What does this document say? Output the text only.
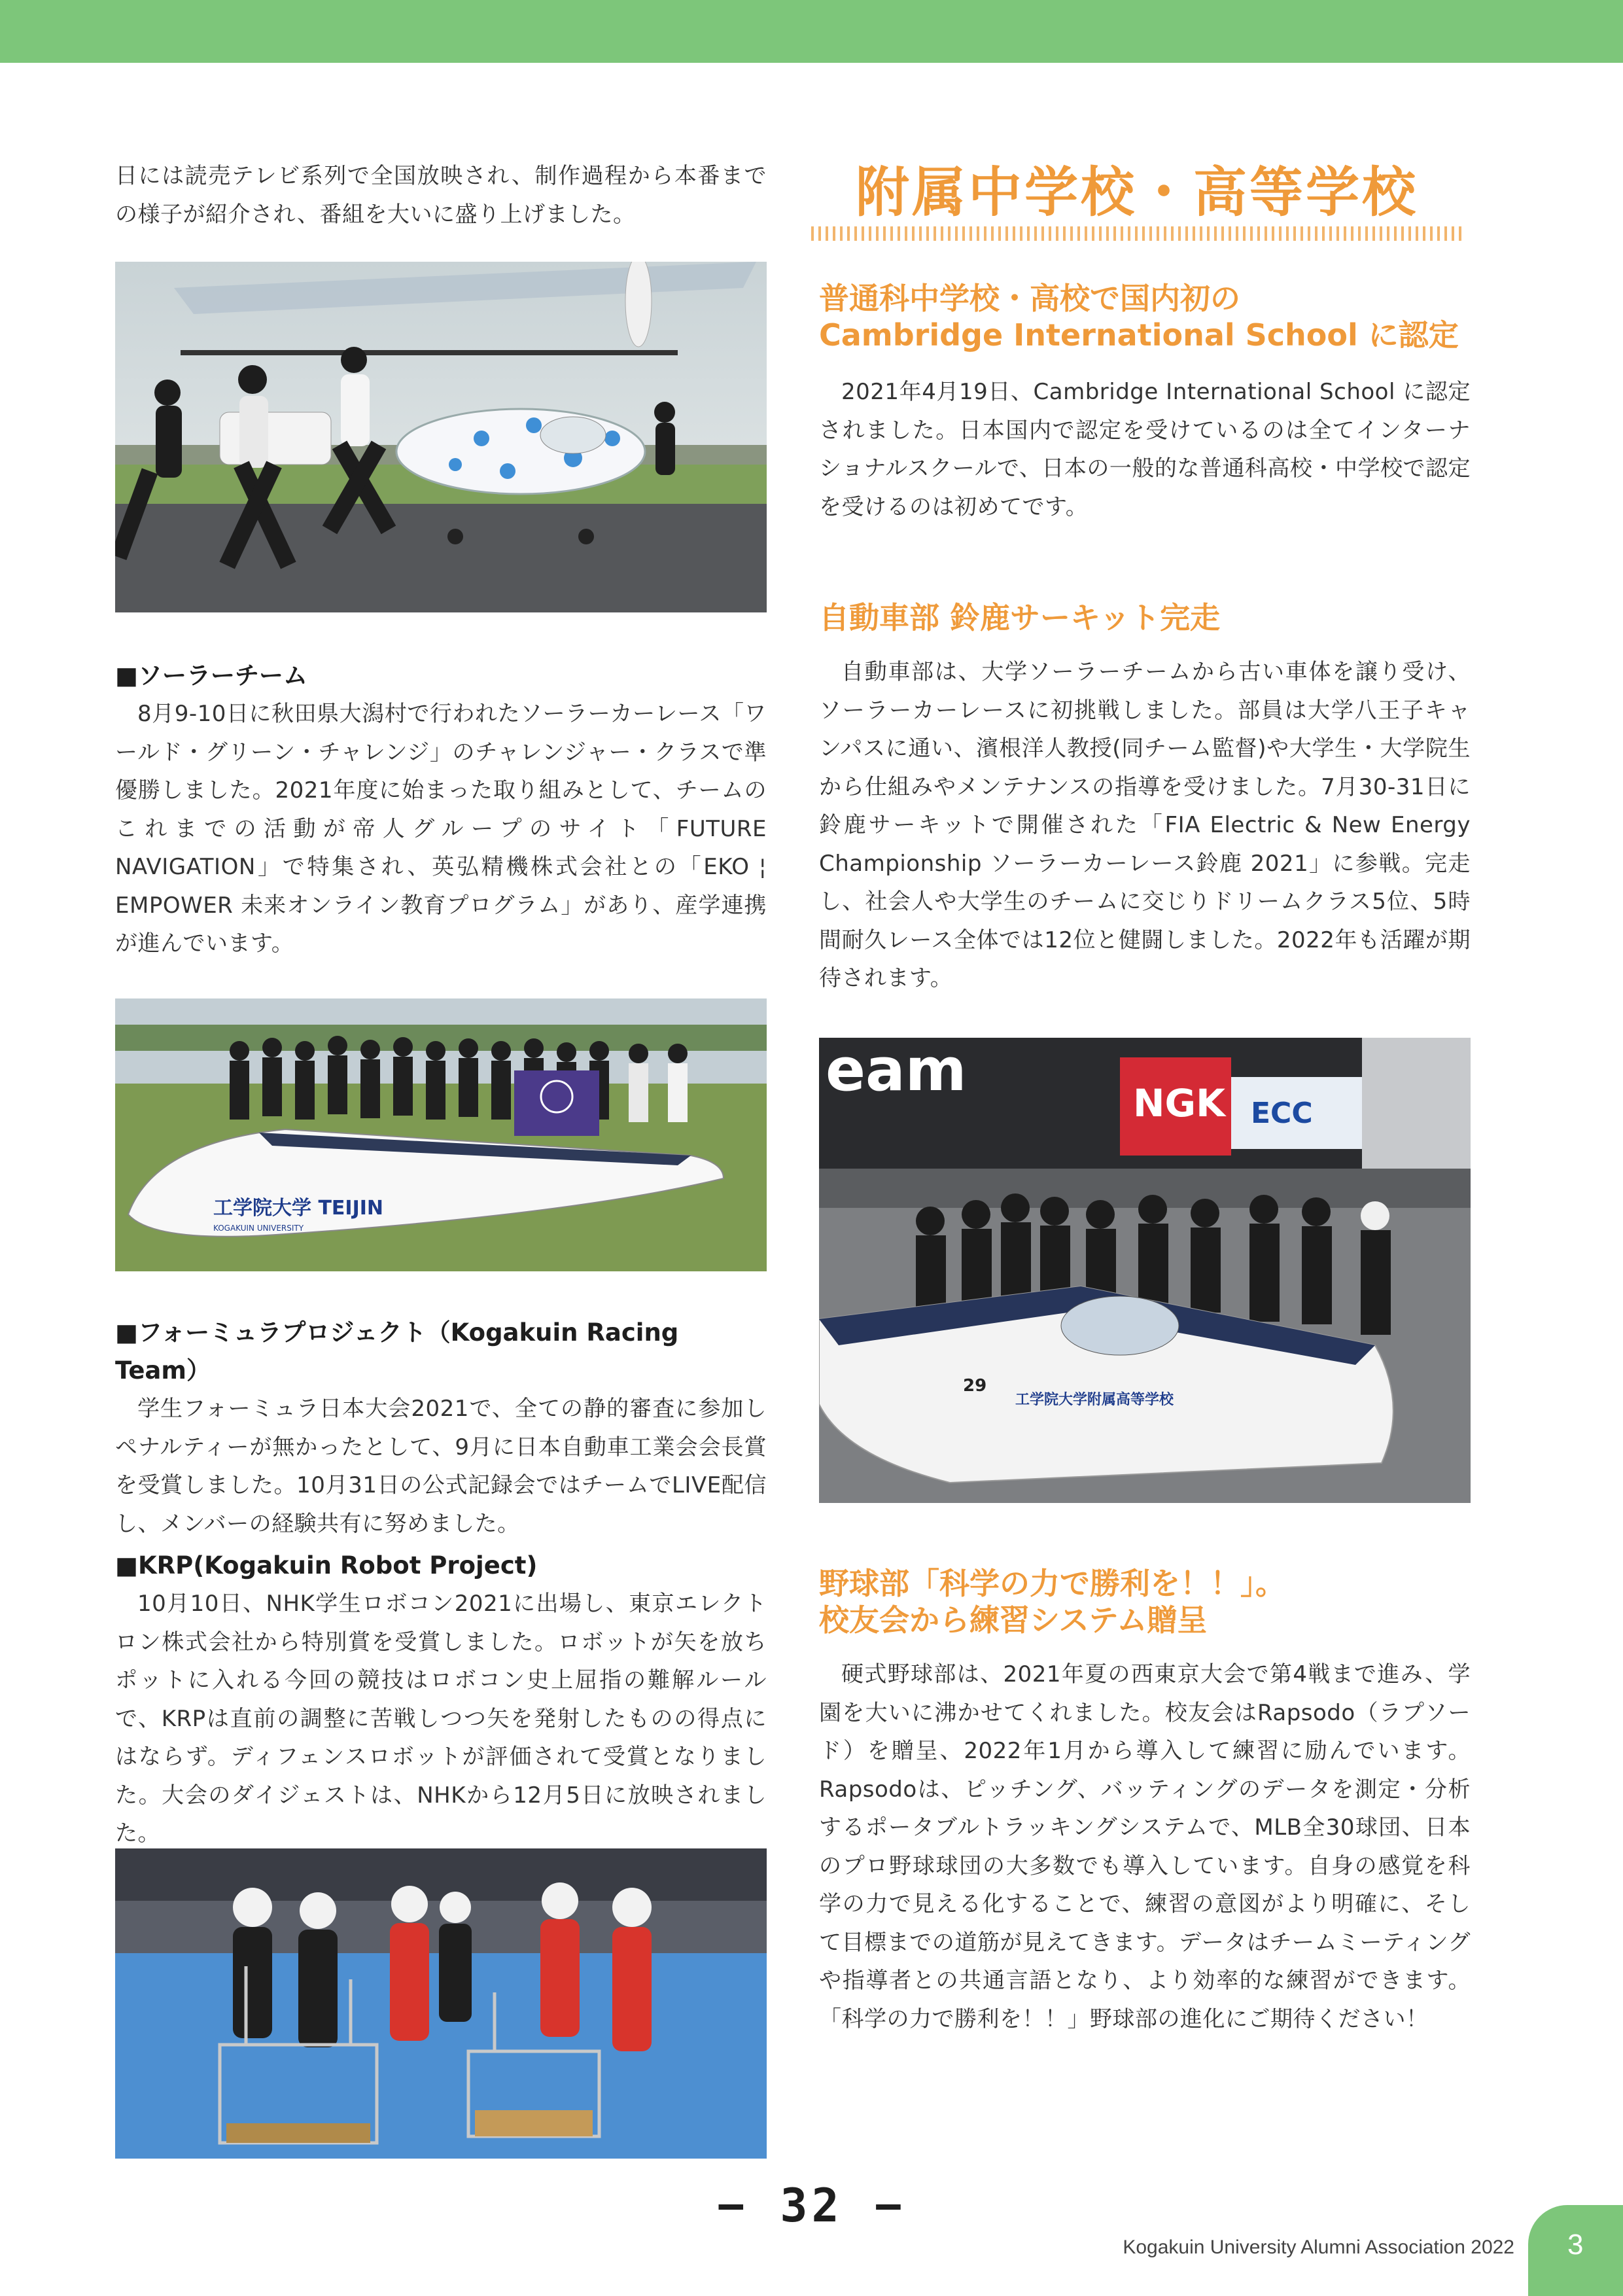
日には読売テレビ系列で全国放映され、制作過程から本番までの様子が紹介され、番組を大いに盛り上げました。

■ソーラーチーム

8月9-10日に秋田県大潟村で行われたソーラーカーレース「ワールド・グリーン・チャレンジ」のチャレンジャー・クラスで準優勝しました。2021年度に始まった取り組みとして、チームのこれまでの活動が帝人グループのサイト「FUTURE NAVIGATION」で特集され、英弘精機株式会社との「EKO ¦ EMPOWER 未来オンライン教育プログラム」があり、産学連携が進んでいます。

工学院大学 TEIJIN
KOGAKUIN UNIVERSITY

■フォーミュラプロジェクト（Kogakuin Racing Team）

学生フォーミュラ日本大会2021で、全ての静的審査に参加しペナルティーが無かったとして、9月に日本自動車工業会会長賞を受賞しました。10月31日の公式記録会ではチームでLIVE配信し、メンバーの経験共有に努めました。

■KRP(Kogakuin Robot Project)

10月10日、NHK学生ロボコン2021に出場し、東京エレクトロン株式会社から特別賞を受賞しました。ロボットが矢を放ちポットに入れる今回の競技はロボコン史上屈指の難解ルールで、KRPは直前の調整に苦戦しつつ矢を発射したものの得点にはならず。ディフェンスロボットが評価されて受賞となりました。大会のダイジェストは、NHKから12月5日に放映されました。

附属中学校・高等学校

普通科中学校・高校で国内初の

Cambridge International School に認定

2021年4月19日、Cambridge International School に認定されました。日本国内で認定を受けているのは全てインターナショナルスクールで、日本の一般的な普通科高校・中学校で認定を受けるのは初めてです。

自動車部 鈴鹿サーキット完走

自動車部は、大学ソーラーチームから古い車体を譲り受け、ソーラーカーレースに初挑戦しました。部員は大学八王子キャンパスに通い、濱根洋人教授(同チーム監督)や大学生・大学院生から仕組みやメンテナンスの指導を受けました。7月30-31日に鈴鹿サーキットで開催された「FIA Electric & New Energy Championship ソーラーカーレース鈴鹿 2021」に参戦。完走し、社会人や大学生のチームに交じりドリームクラス5位、5時間耐久レース全体では12位と健闘しました。2022年も活躍が期待されます。

eam	NGK ECC
工学院大学附属高等学校
29

野球部「科学の力で勝利を！！」。

校友会から練習システム贈呈

硬式野球部は、2021年夏の西東京大会で第4戦まで進み、学園を大いに沸かせてくれました。校友会はRapsodo（ラプソード）を贈呈、2022年1月から導入して練習に励んでいます。Rapsodoは、ピッチング、バッティングのデータを測定・分析するポータブルトラッキングシステムで、MLB全30球団、日本のプロ野球球団の大多数でも導入しています。自身の感覚を科学の力で見える化することで、練習の意図がより明確に、そして目標までの道筋が見えてきます。データはチームミーティングや指導者との共通言語となり、より効率的な練習ができます。「科学の力で勝利を！！」野球部の進化にご期待ください！

− 32 −
Kogakuin University Alumni Association 2022 3
